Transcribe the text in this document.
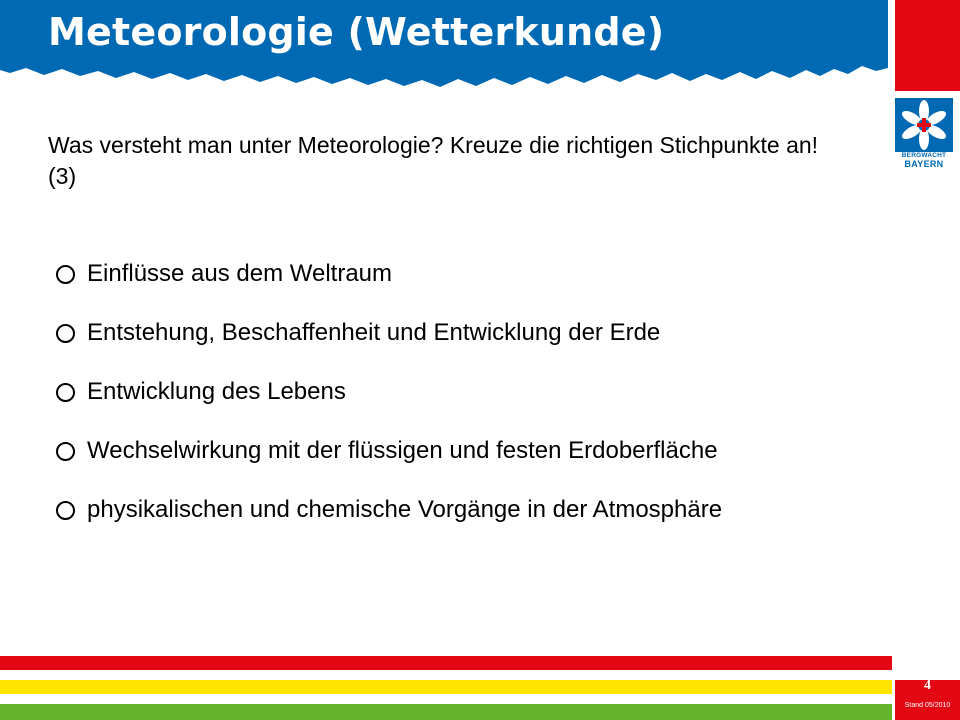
Meteorologie (Wetterkunde)
BERGWACHT
BAYERN

Was versteht man unter Meteorologie? Kreuze die richtigen Stichpunkte an! (3)

Einflüsse aus dem Weltraum
Entstehung, Beschaffenheit und Entwicklung der Erde
Entwicklung des Lebens
Wechselwirkung mit der flüssigen und festen Erdoberfläche
physikalischen und chemische Vorgänge in der Atmosphäre
4
Stand 05/2010
